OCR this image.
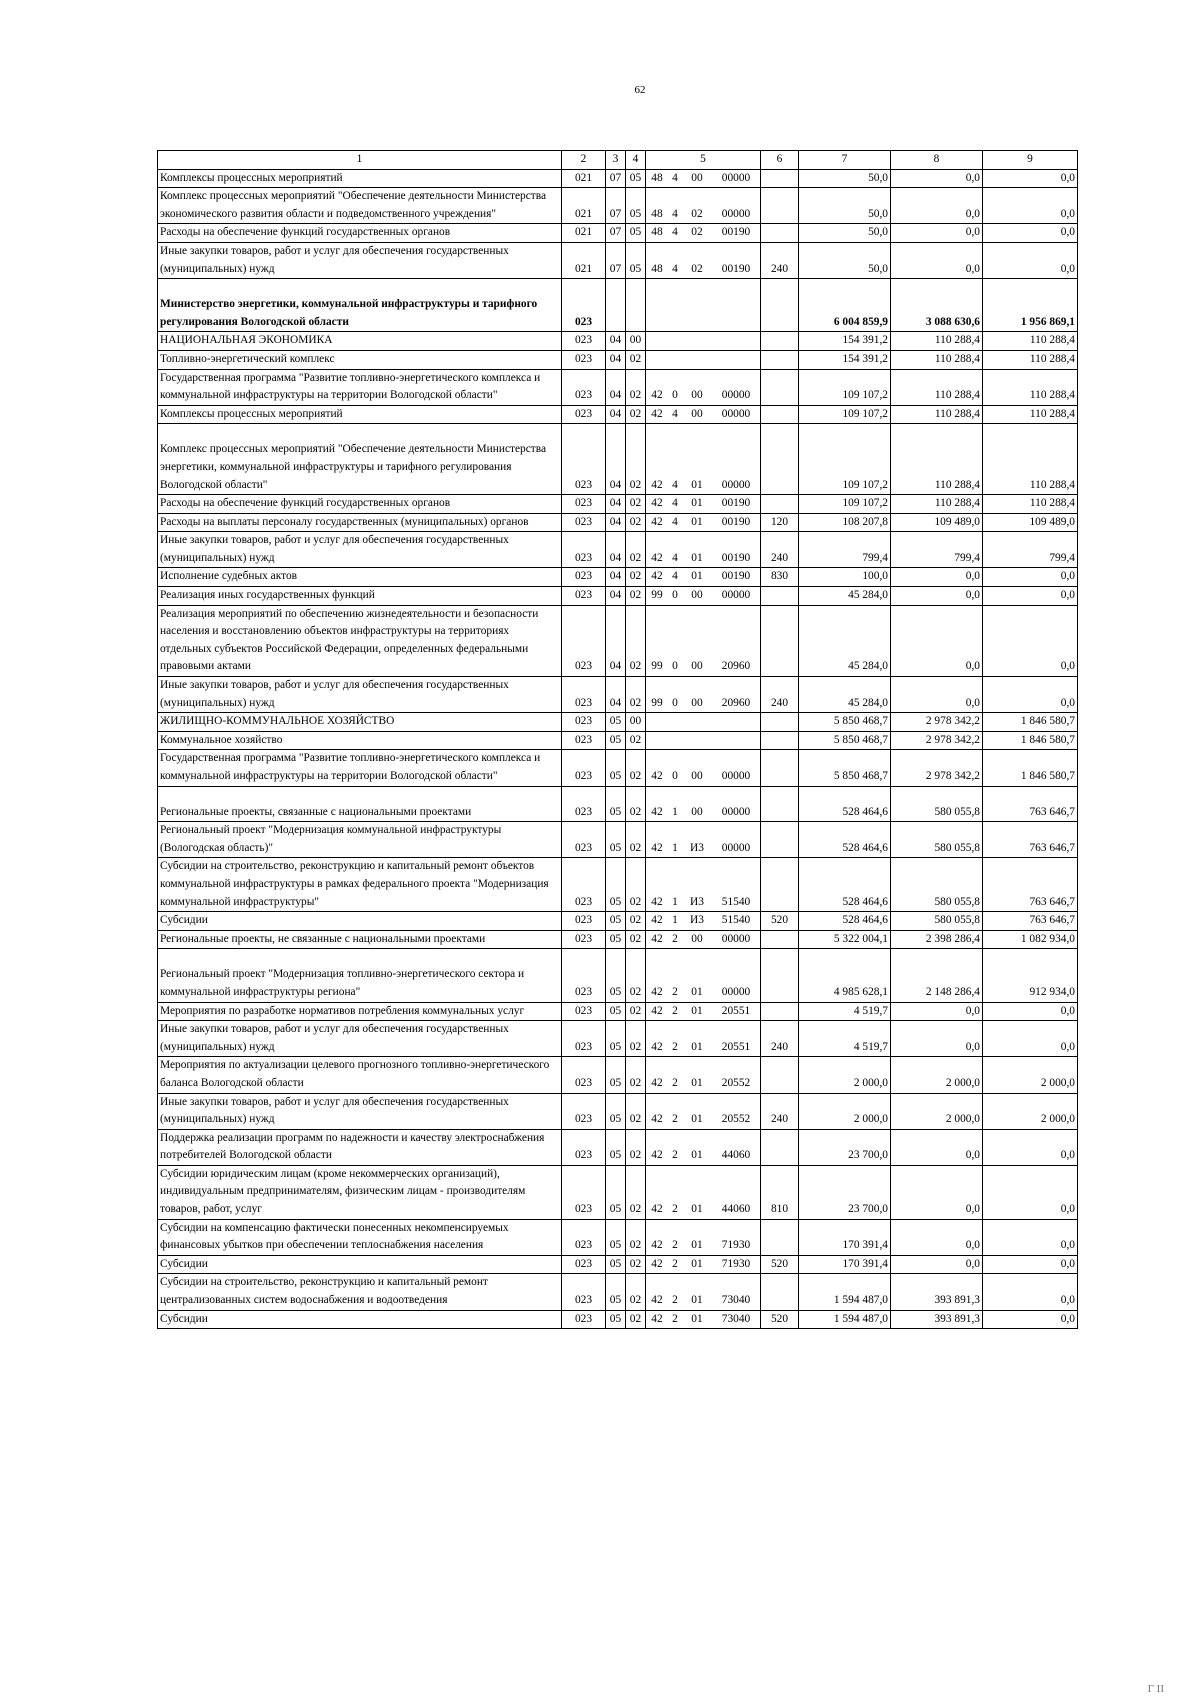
62
1	2	3	4	5	6	7	8	9
Комплексы процессных мероприятий	021	07	05	48 4 00 00000		50,0	0,0	0,0
Комплекс процессных мероприятий "Обеспечение деятельности Министерства экономического развития области и подведомственного учреждения"	021	07	05	48 4 02 00000		50,0	0,0	0,0
Расходы на обеспечение функций государственных органов	021	07	05	48 4 02 00190		50,0	0,0	0,0
Иные закупки товаров, работ и услуг для обеспечения государственных (муниципальных) нужд	021	07	05	48 4 02 00190	240	50,0	0,0	0,0
Министерство энергетики, коммунальной инфраструктуры и тарифного регулирования Вологодской области	023					6 004 859,9	3 088 630,6	1 956 869,1
НАЦИОНАЛЬНАЯ ЭКОНОМИКА	023	04	00			154 391,2	110 288,4	110 288,4
Топливно-энергетический комплекс	023	04	02			154 391,2	110 288,4	110 288,4
Государственная программа "Развитие топливно-энергетического комплекса и коммунальной инфраструктуры на территории Вологодской области"	023	04	02	42 0 00 00000		109 107,2	110 288,4	110 288,4
Комплексы процессных мероприятий	023	04	02	42 4 00 00000		109 107,2	110 288,4	110 288,4
Комплекс процессных мероприятий "Обеспечение деятельности Министерства энергетики, коммунальной инфраструктуры и тарифного регулирования Вологодской области"	023	04	02	42 4 01 00000		109 107,2	110 288,4	110 288,4
Расходы на обеспечение функций государственных органов	023	04	02	42 4 01 00190		109 107,2	110 288,4	110 288,4
Расходы на выплаты персоналу государственных (муниципальных) органов	023	04	02	42 4 01 00190	120	108 207,8	109 489,0	109 489,0
Иные закупки товаров, работ и услуг для обеспечения государственных (муниципальных) нужд	023	04	02	42 4 01 00190	240	799,4	799,4	799,4
Исполнение судебных актов	023	04	02	42 4 01 00190	830	100,0	0,0	0,0
Реализация иных государственных функций	023	04	02	99 0 00 00000		45 284,0	0,0	0,0
Реализация мероприятий по обеспечению жизнедеятельности и безопасности населения и восстановлению объектов инфраструктуры на территориях отдельных субъектов Российской Федерации, определенных федеральными правовыми актами	023	04	02	99 0 00 20960		45 284,0	0,0	0,0
Иные закупки товаров, работ и услуг для обеспечения государственных (муниципальных) нужд	023	04	02	99 0 00 20960	240	45 284,0	0,0	0,0
ЖИЛИЩНО-КОММУНАЛЬНОЕ ХОЗЯЙСТВО	023	05	00			5 850 468,7	2 978 342,2	1 846 580,7
Коммунальное хозяйство	023	05	02			5 850 468,7	2 978 342,2	1 846 580,7
Государственная программа "Развитие топливно-энергетического комплекса и коммунальной инфраструктуры на территории Вологодской области"	023	05	02	42 0 00 00000		5 850 468,7	2 978 342,2	1 846 580,7
Региональные проекты, связанные с национальными проектами	023	05	02	42 1 00 00000		528 464,6	580 055,8	763 646,7
Региональный проект "Модернизация коммунальной инфраструктуры (Вологодская область)"	023	05	02	42 1 И3 00000		528 464,6	580 055,8	763 646,7
Субсидии на строительство, реконструкцию и капитальный ремонт объектов коммунальной инфраструктуры в рамках федерального проекта "Модернизация коммунальной инфраструктуры"	023	05	02	42 1 И3 51540		528 464,6	580 055,8	763 646,7
Субсидии	023	05	02	42 1 И3 51540	520	528 464,6	580 055,8	763 646,7
Региональные проекты, не связанные с национальными проектами	023	05	02	42 2 00 00000		5 322 004,1	2 398 286,4	1 082 934,0
Региональный проект "Модернизация топливно-энергетического сектора и коммунальной инфраструктуры региона"	023	05	02	42 2 01 00000		4 985 628,1	2 148 286,4	912 934,0
Мероприятия по разработке нормативов потребления коммунальных услуг	023	05	02	42 2 01 20551		4 519,7	0,0	0,0
Иные закупки товаров, работ и услуг для обеспечения государственных (муниципальных) нужд	023	05	02	42 2 01 20551	240	4 519,7	0,0	0,0
Мероприятия по актуализации целевого прогнозного топливно-энергетического баланса Вологодской области	023	05	02	42 2 01 20552		2 000,0	2 000,0	2 000,0
Иные закупки товаров, работ и услуг для обеспечения государственных (муниципальных) нужд	023	05	02	42 2 01 20552	240	2 000,0	2 000,0	2 000,0
Поддержка реализации программ по надежности и качеству электроснабжения потребителей Вологодской области	023	05	02	42 2 01 44060		23 700,0	0,0	0,0
Субсидии юридическим лицам (кроме некоммерческих организаций), индивидуальным предпринимателям, физическим лицам - производителям товаров, работ, услуг	023	05	02	42 2 01 44060	810	23 700,0	0,0	0,0
Субсидии на компенсацию фактически понесенных некомпенсируемых финансовых убытков при обеспечении теплоснабжения населения	023	05	02	42 2 01 71930		170 391,4	0,0	0,0
Субсидии	023	05	02	42 2 01 71930	520	170 391,4	0,0	0,0
Субсидии на строительство, реконструкцию и капитальный ремонт централизованных систем водоснабжения и водоотведения	023	05	02	42 2 01 73040		1 594 487,0	393 891,3	0,0
Субсидии	023	05	02	42 2 01 73040	520	1 594 487,0	393 891,3	0,0
Г ІІ
